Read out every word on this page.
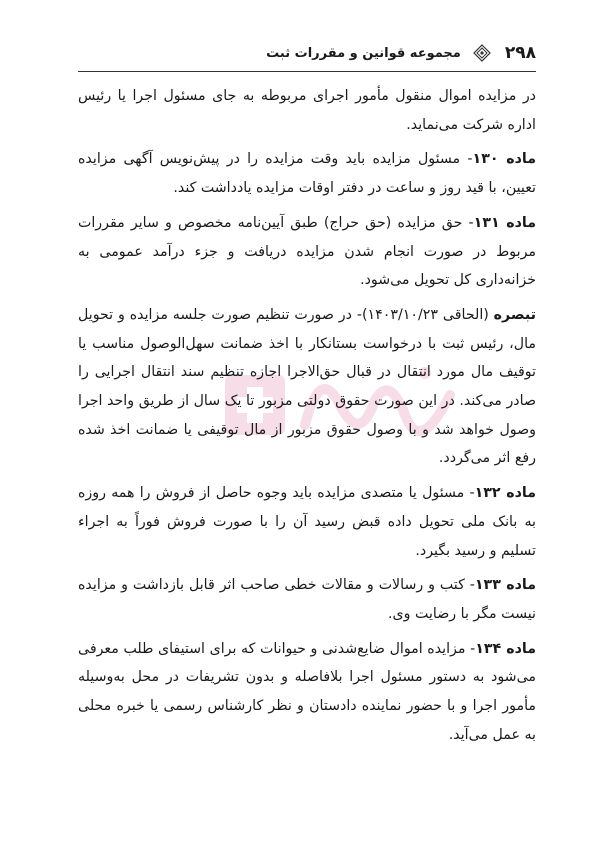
۲۹۸
مجموعه قوانین و مقررات ثبت

در مزایده اموال منقول مأمور اجرای مربوطه به جای مسئول اجرا یا رئیس اداره شرکت می‌نماید.

ماده ۱۳۰- مسئول مزایده باید وقت مزایده را در پیش‌نویس آگهی مزایده تعیین، با قید روز و ساعت در دفتر اوقات مزایده یادداشت کند.

ماده ۱۳۱- حق مزایده (حق حراج) طبق آیین‌نامه مخصوص و سایر مقررات مربوط در صورت انجام شدن مزایده دریافت و جزء درآمد عمومی به خزانه‌داری کل تحویل می‌شود.

تبصره (الحاقی ۱۴۰۳/۱۰/۲۳)- در صورت تنظیم صورت جلسه مزایده و تحویل مال، رئیس ثبت با درخواست بستانکار با اخذ ضمانت سهل‌الوصول مناسب یا توقیف مال مورد انتقال در قبال حق‌الاجرا اجازه تنظیم سند انتقال اجرایی را صادر می‌کند. در این صورت حقوق دولتی مزبور تا یک سال از طریق واحد اجرا وصول خواهد شد و با وصول حقوق مزبور از مال توقیفی یا ضمانت اخذ شده رفع اثر می‌گردد.

ماده ۱۳۲- مسئول یا متصدی مزایده باید وجوه حاصل از فروش را همه روزه به بانک ملی تحویل داده قبض رسید آن را با صورت فروش فوراً به اجراء تسلیم و رسید بگیرد.

ماده ۱۳۳- کتب و رسالات و مقالات خطی صاحب اثر قابل بازداشت و مزایده نیست مگر با رضایت وی.

ماده ۱۳۴- مزایده اموال ضایع‌شدنی و حیوانات که برای استیفای طلب معرفی می‌شود به دستور مسئول اجرا بلافاصله و بدون تشریفات در محل به‌وسیله مأمور اجرا و با حضور نماینده دادستان و نظر کارشناس رسمی یا خبره محلی به عمل می‌آید.
